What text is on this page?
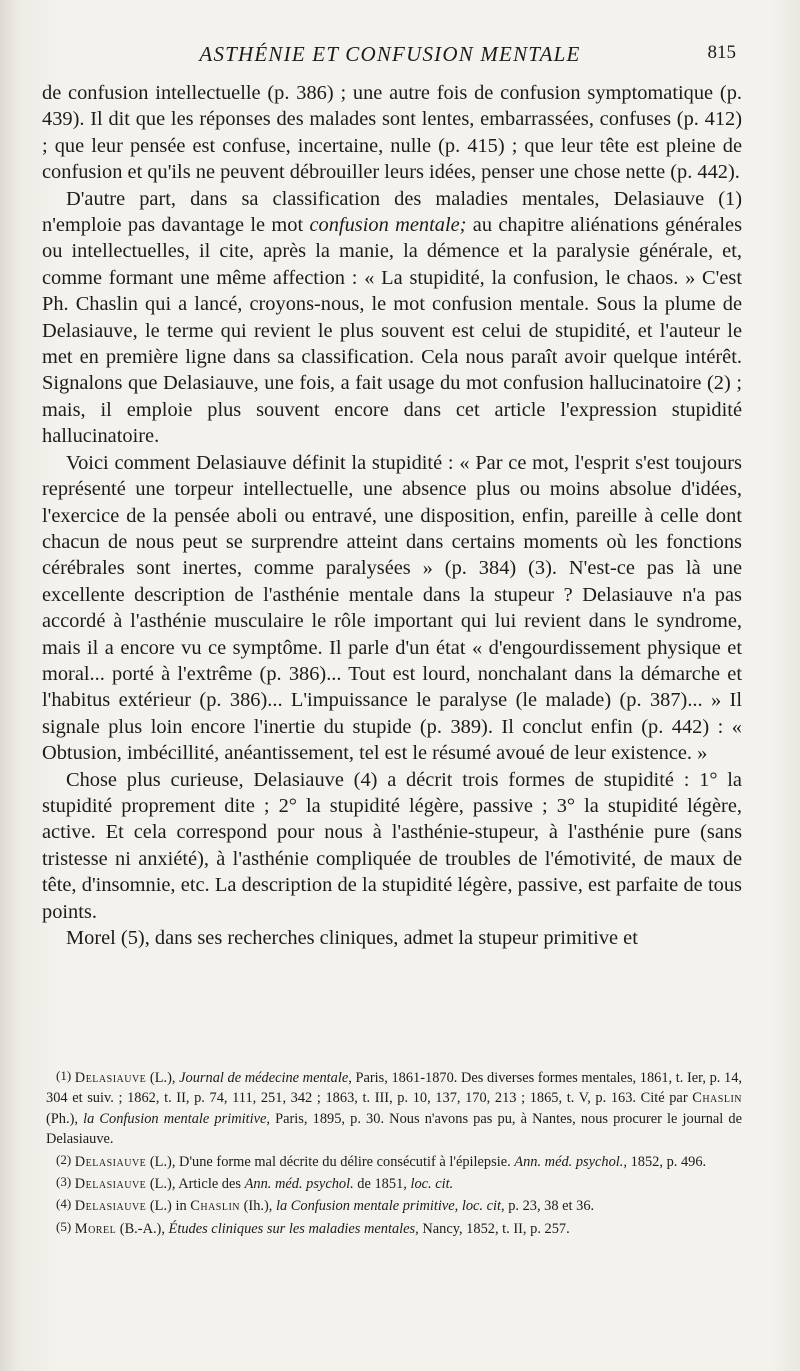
ASTHÉNIE ET CONFUSION MENTALE	815

de confusion intellectuelle (p. 386) ; une autre fois de confusion symptomatique (p. 439). Il dit que les réponses des malades sont lentes, embarrassées, confuses (p. 412) ; que leur pensée est confuse, incertaine, nulle (p. 415) ; que leur tête est pleine de confusion et qu'ils ne peuvent débrouiller leurs idées, penser une chose nette (p. 442).

D'autre part, dans sa classification des maladies mentales, Delasiauve (1) n'emploie pas davantage le mot confusion mentale; au chapitre aliénations générales ou intellectuelles, il cite, après la manie, la démence et la paralysie générale, et, comme formant une même affection : « La stupidité, la confusion, le chaos. » C'est Ph. Chaslin qui a lancé, croyons-nous, le mot confusion mentale. Sous la plume de Delasiauve, le terme qui revient le plus souvent est celui de stupidité, et l'auteur le met en première ligne dans sa classification. Cela nous paraît avoir quelque intérêt. Signalons que Delasiauve, une fois, a fait usage du mot confusion hallucinatoire (2) ; mais, il emploie plus souvent encore dans cet article l'expression stupidité hallucinatoire.

Voici comment Delasiauve définit la stupidité : « Par ce mot, l'esprit s'est toujours représenté une torpeur intellectuelle, une absence plus ou moins absolue d'idées, l'exercice de la pensée aboli ou entravé, une disposition, enfin, pareille à celle dont chacun de nous peut se surprendre atteint dans certains moments où les fonctions cérébrales sont inertes, comme paralysées » (p. 384) (3). N'est-ce pas là une excellente description de l'asthénie mentale dans la stupeur ? Delasiauve n'a pas accordé à l'asthénie musculaire le rôle important qui lui revient dans le syndrome, mais il a encore vu ce symptôme. Il parle d'un état « d'engourdissement physique et moral... porté à l'extrême (p. 386)... Tout est lourd, nonchalant dans la démarche et l'habitus extérieur (p. 386)... L'impuissance le paralyse (le malade) (p. 387)... » Il signale plus loin encore l'inertie du stupide (p. 389). Il conclut enfin (p. 442) : « Obtusion, imbécillité, anéantissement, tel est le résumé avoué de leur existence. »

Chose plus curieuse, Delasiauve (4) a décrit trois formes de stupidité : 1° la stupidité proprement dite ; 2° la stupidité légère, passive ; 3° la stupidité légère, active. Et cela correspond pour nous à l'asthénie-stupeur, à l'asthénie pure (sans tristesse ni anxiété), à l'asthénie compliquée de troubles de l'émotivité, de maux de tête, d'insomnie, etc. La description de la stupidité légère, passive, est parfaite de tous points.

Morel (5), dans ses recherches cliniques, admet la stupeur primitive et

(1) Delasiauve (L.), Journal de médecine mentale, Paris, 1861-1870. Des diverses formes mentales, 1861, t. Ier, p. 14, 304 et suiv. ; 1862, t. II, p. 74, 111, 251, 342 ; 1863, t. III, p. 10, 137, 170, 213 ; 1865, t. V, p. 163. Cité par Chaslin (Ph.), la Confusion mentale primitive, Paris, 1895, p. 30. Nous n'avons pas pu, à Nantes, nous procurer le journal de Delasiauve.

(2) Delasiauve (L.), D'une forme mal décrite du délire consécutif à l'épilepsie. Ann. méd. psychol., 1852, p. 496.

(3) Delasiauve (L.), Article des Ann. méd. psychol. de 1851, loc. cit.

(4) Delasiauve (L.) in Chaslin (Ih.), la Confusion mentale primitive, loc. cit, p. 23, 38 et 36.

(5) Morel (B.-A.), Études cliniques sur les maladies mentales, Nancy, 1852, t. II, p. 257.
